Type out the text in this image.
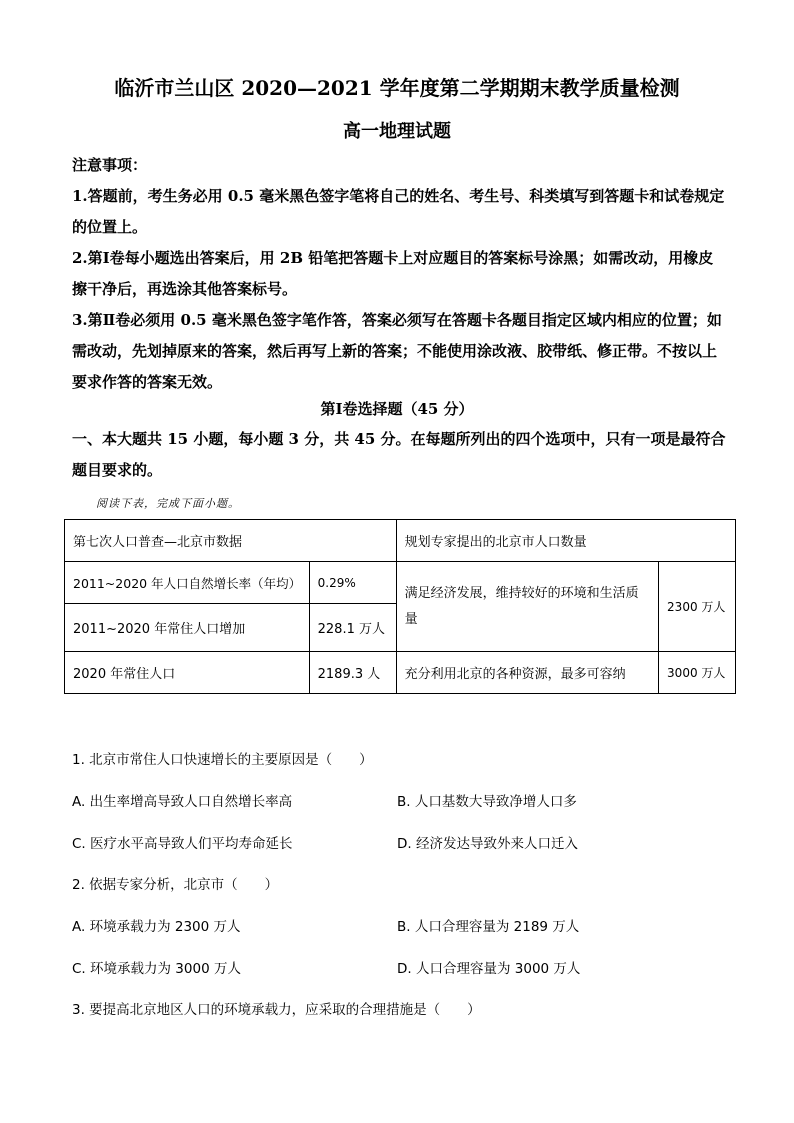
临沂市兰山区 2020—2021 学年度第二学期期末教学质量检测
高一地理试题

注意事项：

1.答题前，考生务必用 0.5 毫米黑色签字笔将自己的姓名、考生号、科类填写到答题卡和试卷规定的位置上。

2.第Ⅰ卷每小题选出答案后，用 2B 铅笔把答题卡上对应题目的答案标号涂黑；如需改动，用橡皮擦干净后，再选涂其他答案标号。

3.第Ⅱ卷必须用 0.5 毫米黑色签字笔作答，答案必须写在答题卡各题目指定区域内相应的位置；如需改动，先划掉原来的答案，然后再写上新的答案；不能使用涂改液、胶带纸、修正带。不按以上要求作答的答案无效。

第Ⅰ卷选择题（45 分）

一、本大题共 15 小题，每小题 3 分，共 45 分。在每题所列出的四个选项中，只有一项是最符合题目要求的。

阅读下表，完成下面小题。
第七次人口普查—北京市数据		规划专家提出的北京市人口数量	
2011~2020 年人口自然增长率（年均）	0.29%	满足经济发展，维持较好的环境和生活质量	2300 万人
2011~2020 年常住人口增加	228.1 万人		
2020 年常住人口	2189.3 人	充分利用北京的各种资源，最多可容纳	3000 万人
1. 北京市常住人口快速增长的主要原因是（　　）
A. 出生率增高导致人口自然增长率高	B. 人口基数大导致净增人口多
C. 医疗水平高导致人们平均寿命延长	D. 经济发达导致外来人口迁入
2. 依据专家分析，北京市（　　）
A. 环境承载力为 2300 万人	B. 人口合理容量为 2189 万人
C. 环境承载力为 3000 万人	D. 人口合理容量为 3000 万人
3. 要提高北京地区人口的环境承载力，应采取的合理措施是（　　）
